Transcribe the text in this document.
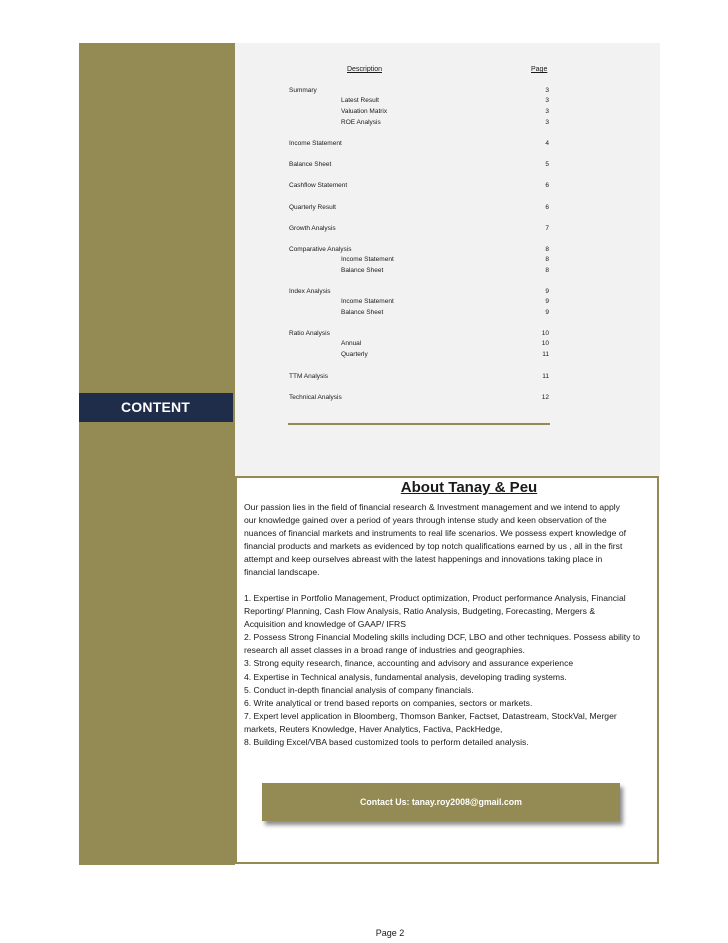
CONTENT
Description	Page
Summary	3
Latest Result	3
Valuation Matrix	3
ROE Analysis	3
Income Statement	4
Balance Sheet	5
Cashflow Statement	6
Quarterly Result	6
Growth Analysis	7
Comparative Analysis	8
Income Statement	8
Balance Sheet	8
Index Analysis	9
Income Statement	9
Balance Sheet	9
Ratio Analysis	10
Annual	10
Quarterly	11
TTM Analysis	11
Technical Analysis	12
About Tanay & Peu
Our passion lies in the field of financial research & Investment management and we intend to apply
our knowledge gained over a period of years through intense study and keen observation of the
nuances of financial markets and instruments to real life scenarios. We possess expert knowledge of
financial products and markets as evidenced by top notch qualifications earned by us , all in the first
attempt and keep ourselves abreast with the latest happenings and innovations taking place in
financial landscape.
1. Expertise in Portfolio Management, Product optimization, Product performance Analysis, Financial
Reporting/ Planning, Cash Flow Analysis, Ratio Analysis, Budgeting, Forecasting, Mergers &
Acquisition and knowledge of GAAP/ IFRS
2. Possess Strong Financial Modeling skills including DCF, LBO and other techniques. Possess ability to
research all asset classes in a broad range of industries and geographies.
3. Strong equity research, finance, accounting and advisory and assurance experience
4. Expertise in Technical analysis, fundamental analysis, developing trading systems.
5. Conduct in-depth financial analysis of company financials.
6. Write analytical or trend based reports on companies, sectors or markets.
7. Expert level application in Bloomberg, Thomson Banker, Factset, Datastream, StockVal, Merger
markets, Reuters Knowledge, Haver Analytics, Factiva, PackHedge,
8. Building Excel/VBA based customized tools to perform detailed analysis.
Contact Us: tanay.roy2008@gmail.com
Page 2
